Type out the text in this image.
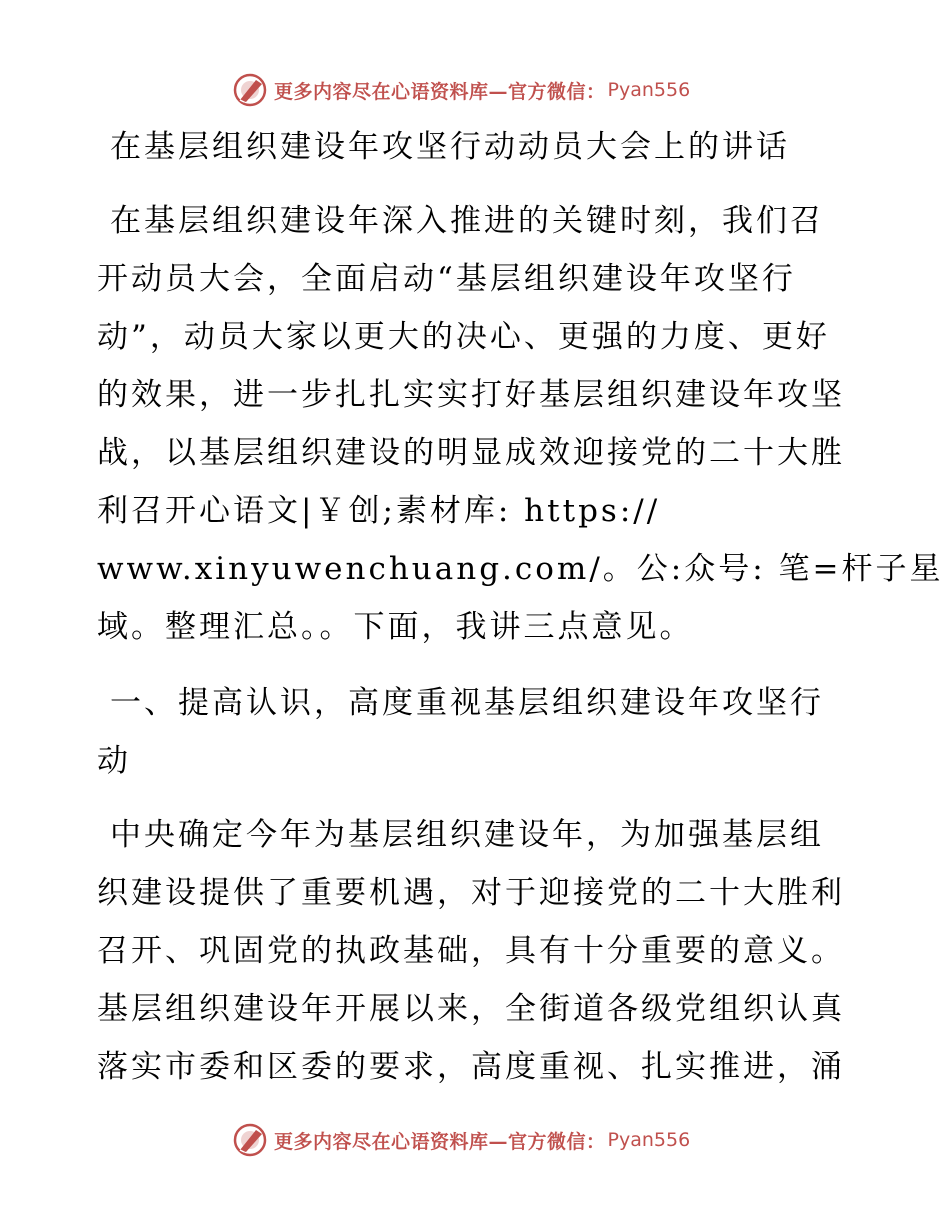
更多内容尽在心语资料库—官方微信： Pyan556
在基层组织建设年攻坚行动动员大会上的讲话
在基层组织建设年深入推进的关键时刻，我们召
开动员大会，全面启动“基层组织建设年攻坚行
动”，动员大家以更大的决心、更强的力度、更好
的效果，进一步扎扎实实打好基层组织建设年攻坚
战，以基层组织建设的明显成效迎接党的二十大胜
利召开心语文|￥创;素材库: https://
www.xinyuwenchuang.com/。公:众号: 笔=杆子星
域。整理汇总。。下面，我讲三点意见。
一、提高认识，高度重视基层组织建设年攻坚行
动
中央确定今年为基层组织建设年，为加强基层组
织建设提供了重要机遇，对于迎接党的二十大胜利
召开、巩固党的执政基础，具有十分重要的意义。
基层组织建设年开展以来，全街道各级党组织认真
落实市委和区委的要求，高度重视、扎实推进，涌
更多内容尽在心语资料库—官方微信： Pyan556
